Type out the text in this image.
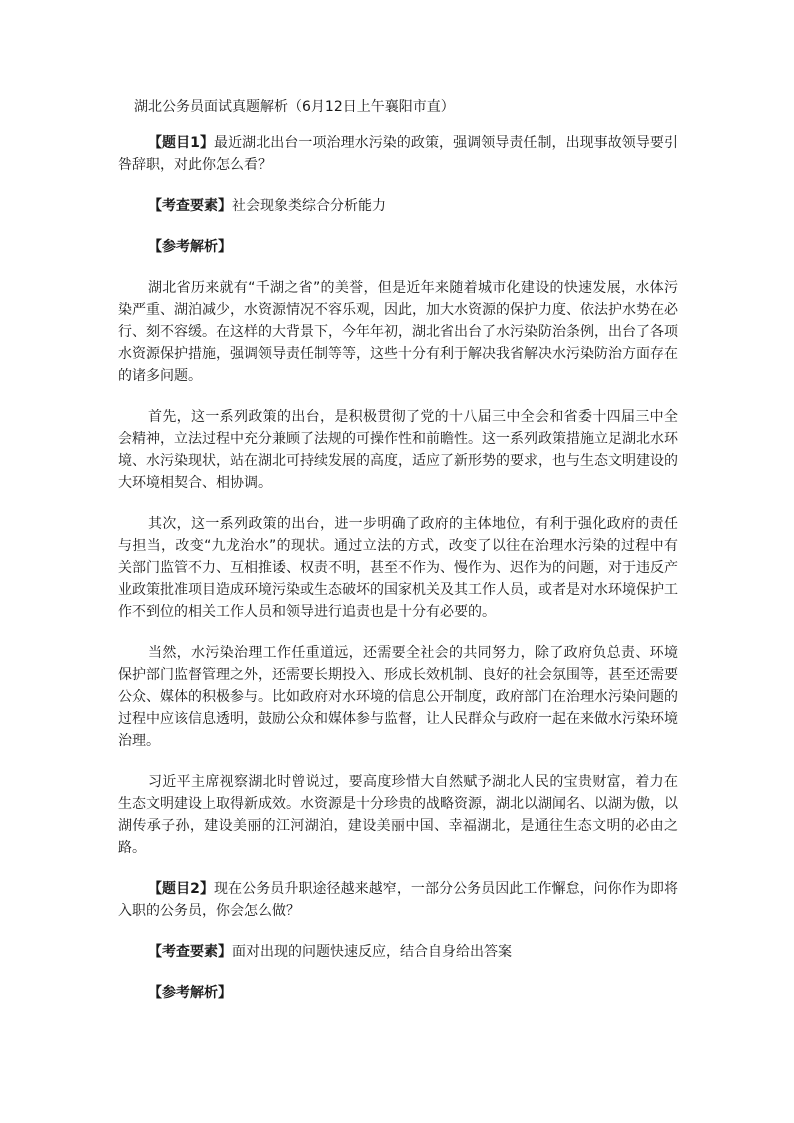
湖北公务员面试真题解析（6月12日上午襄阳市直）

【题目1】最近湖北出台一项治理水污染的政策，强调领导责任制，出现事故领导要引咎辞职，对此你怎么看？

【考查要素】社会现象类综合分析能力

【参考解析】

湖北省历来就有“千湖之省”的美誉，但是近年来随着城市化建设的快速发展，水体污染严重、湖泊减少，水资源情况不容乐观，因此，加大水资源的保护力度、依法护水势在必行、刻不容缓。在这样的大背景下，今年年初，湖北省出台了水污染防治条例，出台了各项水资源保护措施，强调领导责任制等等，这些十分有利于解决我省解决水污染防治方面存在的诸多问题。

首先，这一系列政策的出台，是积极贯彻了党的十八届三中全会和省委十四届三中全会精神，立法过程中充分兼顾了法规的可操作性和前瞻性。这一系列政策措施立足湖北水环境、水污染现状，站在湖北可持续发展的高度，适应了新形势的要求，也与生态文明建设的大环境相契合、相协调。

其次，这一系列政策的出台，进一步明确了政府的主体地位，有利于强化政府的责任与担当，改变“九龙治水”的现状。通过立法的方式，改变了以往在治理水污染的过程中有关部门监管不力、互相推诿、权责不明，甚至不作为、慢作为、迟作为的问题，对于违反产业政策批准项目造成环境污染或生态破坏的国家机关及其工作人员，或者是对水环境保护工作不到位的相关工作人员和领导进行追责也是十分有必要的。

当然，水污染治理工作任重道远，还需要全社会的共同努力，除了政府负总责、环境保护部门监督管理之外，还需要长期投入、形成长效机制、良好的社会氛围等，甚至还需要公众、媒体的积极参与。比如政府对水环境的信息公开制度，政府部门在治理水污染问题的过程中应该信息透明，鼓励公众和媒体参与监督，让人民群众与政府一起在来做水污染环境治理。

习近平主席视察湖北时曾说过，要高度珍惜大自然赋予湖北人民的宝贵财富，着力在生态文明建设上取得新成效。水资源是十分珍贵的战略资源，湖北以湖闻名、以湖为傲，以湖传承子孙，建设美丽的江河湖泊，建设美丽中国、幸福湖北，是通往生态文明的必由之路。

【题目2】现在公务员升职途径越来越窄，一部分公务员因此工作懈怠，问你作为即将入职的公务员，你会怎么做？

【考查要素】面对出现的问题快速反应，结合自身给出答案

【参考解析】
